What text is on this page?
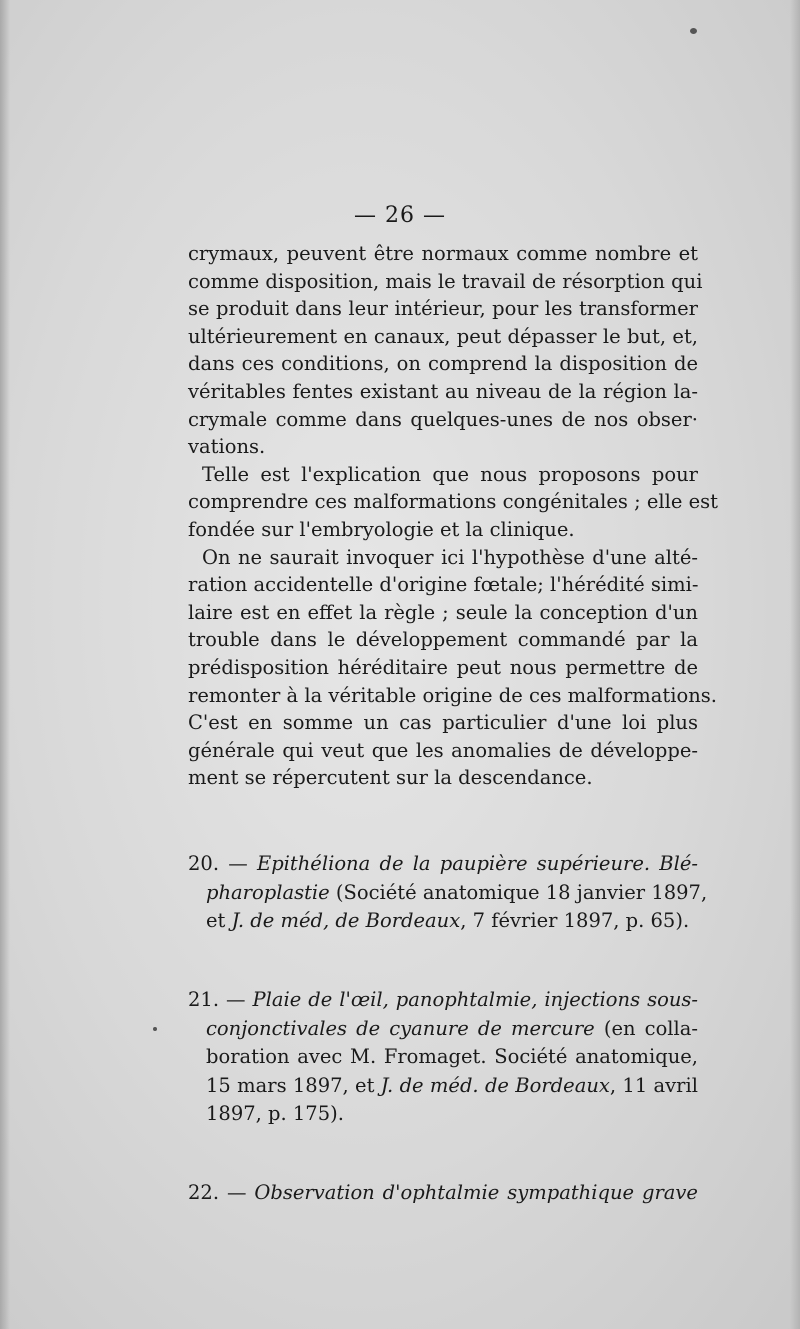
— 26 —
crymaux, peuvent être normaux comme nombre et
comme disposition, mais le travail de résorption qui
se produit dans leur intérieur, pour les transformer
ultérieurement en canaux, peut dépasser le but, et,
dans ces conditions, on comprend la disposition de
véritables fentes existant au niveau de la région la-
crymale comme dans quelques-unes de nos obser·
vations.
Telle est l'explication que nous proposons pour
comprendre ces malformations congénitales ; elle est
fondée sur l'embryologie et la clinique.
On ne saurait invoquer ici l'hypothèse d'une alté-
ration accidentelle d'origine fœtale; l'hérédité simi-
laire est en effet la règle ; seule la conception d'un
trouble dans le développement commandé par la
prédisposition héréditaire peut nous permettre de
remonter à la véritable origine de ces malformations.
C'est en somme un cas particulier d'une loi plus
générale qui veut que les anomalies de développe-
ment se répercutent sur la descendance.
20. — Epithéliona de la paupière supérieure. Blé-
pharoplastie (Société anatomique 18 janvier 1897,
et J. de méd, de Bordeaux, 7 février 1897, p. 65).
21. — Plaie de l'œil, panophtalmie, injections sous-
conjonctivales de cyanure de mercure (en colla-
boration avec M. Fromaget. Société anatomique,
15 mars 1897, et J. de méd. de Bordeaux, 11 avril
1897, p. 175).
22. — Observation d'ophtalmie sympathique grave
